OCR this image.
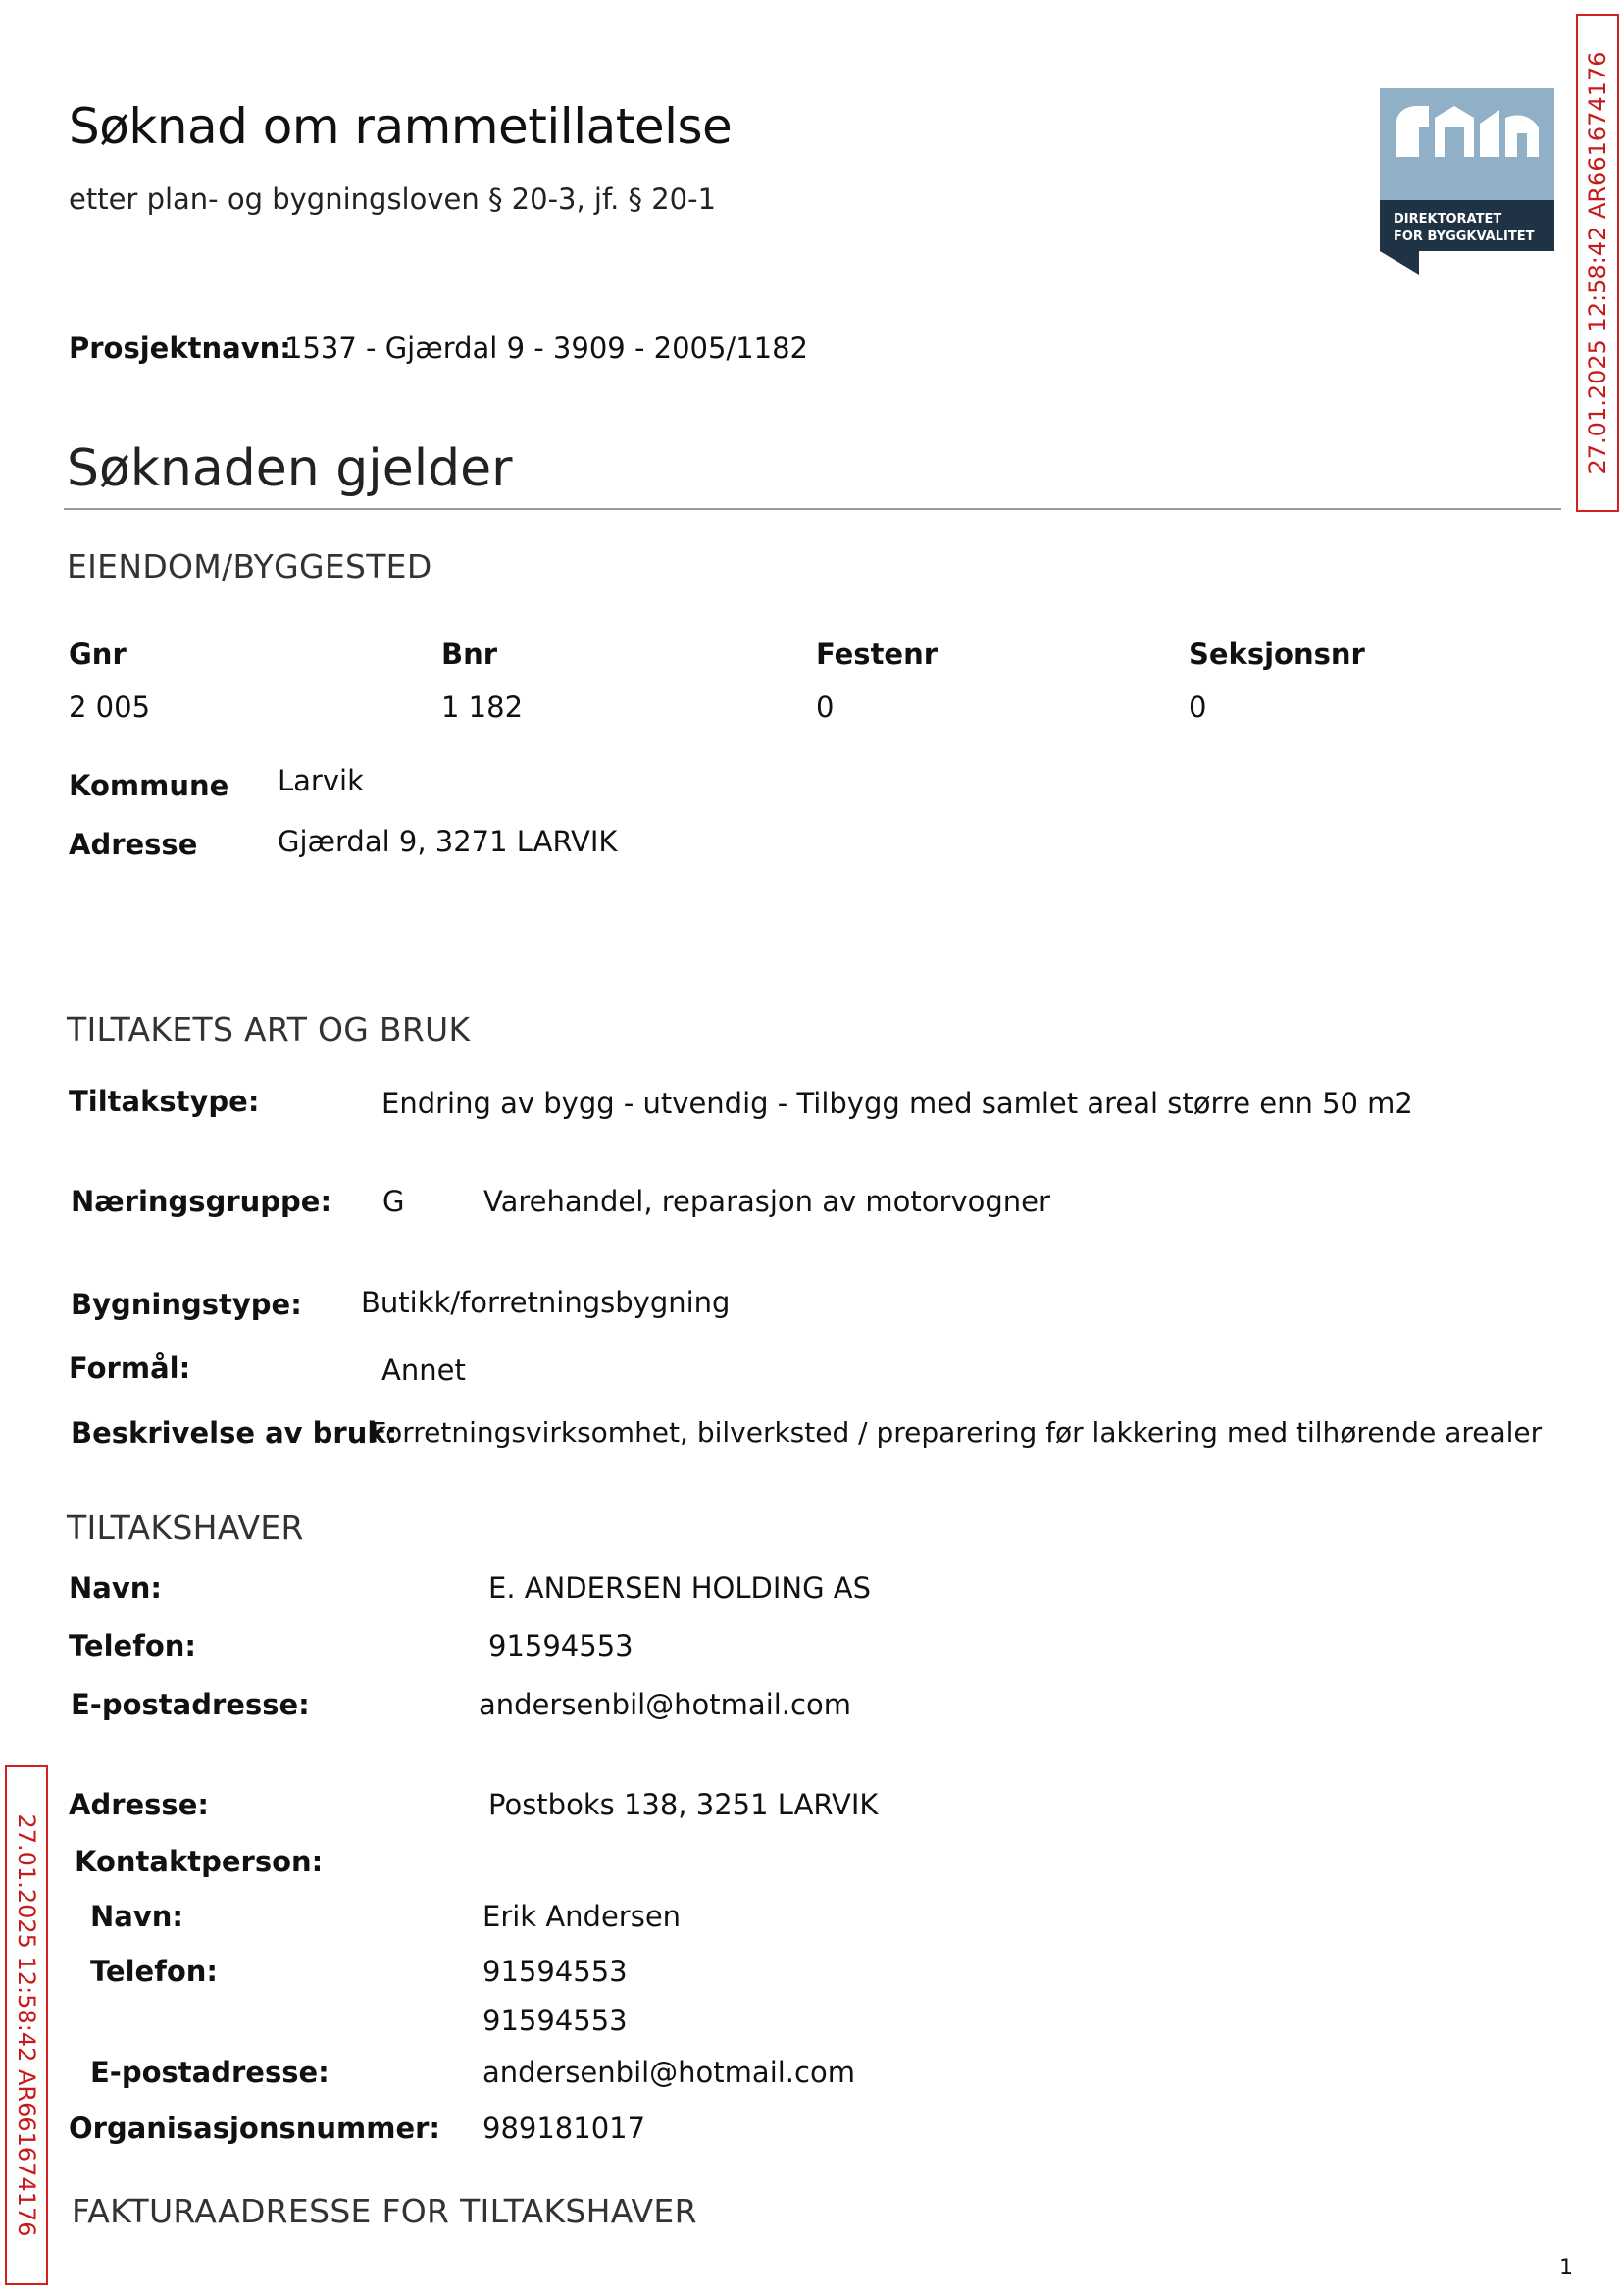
Søknad om rammetillatelse
etter plan- og bygningsloven § 20-3, jf. § 20-1
DIREKTORATET
FOR BYGGKVALITET
Prosjektnavn:
1537 - Gjærdal 9 - 3909 - 2005/1182
Søknaden gjelder
EIENDOM/BYGGESTED
Gnr	Bnr	Festenr	Seksjonsnr
2 005	1 182	0	0
Kommune Larvik
Adresse	Gjærdal 9, 3271 LARVIK
TILTAKETS ART OG BRUK
Tiltakstype:	Endring av bygg - utvendig - Tilbygg med samlet areal større enn 50 m2
Næringsgruppe: G	Varehandel, reparasjon av motorvogner
Bygningstype: Butikk/forretningsbygning
Formål:	Annet
Beskrivelse av bruk:
Forretningsvirksomhet, bilverksted / preparering før lakkering med tilhørende arealer
TILTAKSHAVER
Navn:	E. ANDERSEN HOLDING AS
Telefon:	91594553
E-postadresse:	andersenbil@hotmail.com
Adresse:	Postboks 138, 3251 LARVIK
Kontaktperson:
Navn:	Erik Andersen
Telefon:	91594553
91594553
E-postadresse:	andersenbil@hotmail.com
Organisasjonsnummer: 989181017
FAKTURAADRESSE FOR TILTAKSHAVER
27.01.2025 12:58:42 AR661674176
27.01.2025 12:58:42 AR661674176
1
